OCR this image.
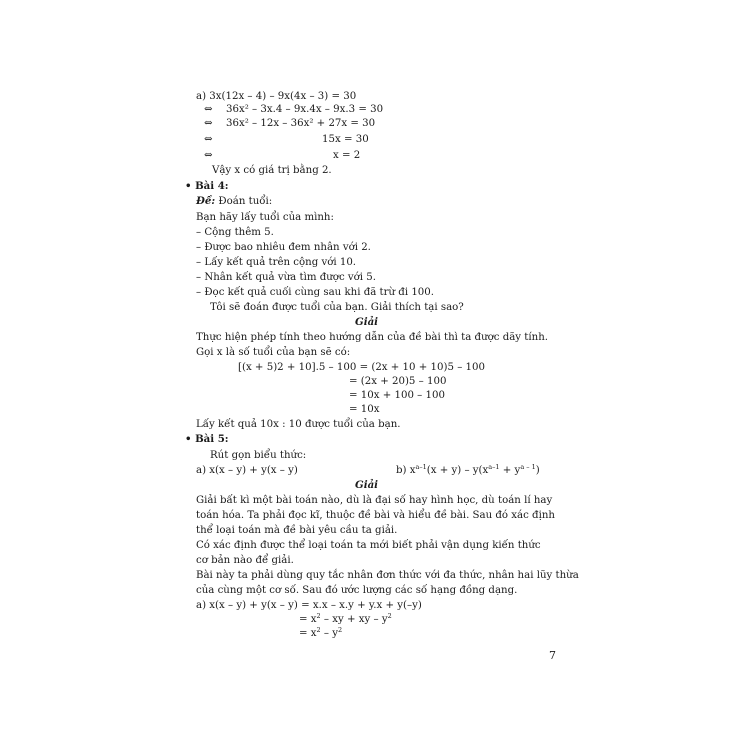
a) 3x(12x – 4) – 9x(4x – 3) = 30
⇔ 36x² – 3x.4 – 9x.4x – 9x.3 = 30
⇔ 36x² – 12x – 36x² + 27x = 30
⇔	15x = 30
⇔	x = 2
Vậy x có giá trị bằng 2.
• Bài 4:
Đề: Đoán tuổi:
Bạn hãy lấy tuổi của mình:
– Cộng thêm 5.
– Được bao nhiêu đem nhân với 2.
– Lấy kết quả trên cộng với 10.
– Nhân kết quả vừa tìm được với 5.
– Đọc kết quả cuối cùng sau khi đã trừ đi 100.
Tôi sẽ đoán được tuổi của bạn. Giải thích tại sao?
Giải
Thực hiện phép tính theo hướng dẫn của đề bài thì ta được dãy tính.
Gọi x là số tuổi của bạn sẽ có:
[(x + 5)2 + 10].5 – 100 = (2x + 10 + 10)5 – 100
= (2x + 20)5 – 100
= 10x + 100 – 100
= 10x
Lấy kết quả 10x : 10 được tuổi của bạn.
• Bài 5:
Rút gọn biểu thức:
a) x(x – y) + y(x – y)	b) $x^{a-1}(x + y) - y(x^{a-1} + y^{a - 1})$
Giải
Giải bất kì một bài toán nào, dù là đại số hay hình học, dù toán lí hay
toán hóa. Ta phải đọc kĩ, thuộc đề bài và hiểu đề bài. Sau đó xác định
thể loại toán mà đề bài yêu cầu ta giải.
Có xác định được thể loại toán ta mới biết phải vận dụng kiến thức
cơ bản nào để giải.
Bài này ta phải dùng quy tắc nhân đơn thức với đa thức, nhân hai lũy thừa
của cùng một cơ số. Sau đó ước lượng các số hạng đồng dạng.
a) x(x – y) + y(x – y) = x.x – x.y + y.x + y(–y)
= $x^2$ – xy + xy – $y^2$
= $x^2 - y^2$
7
